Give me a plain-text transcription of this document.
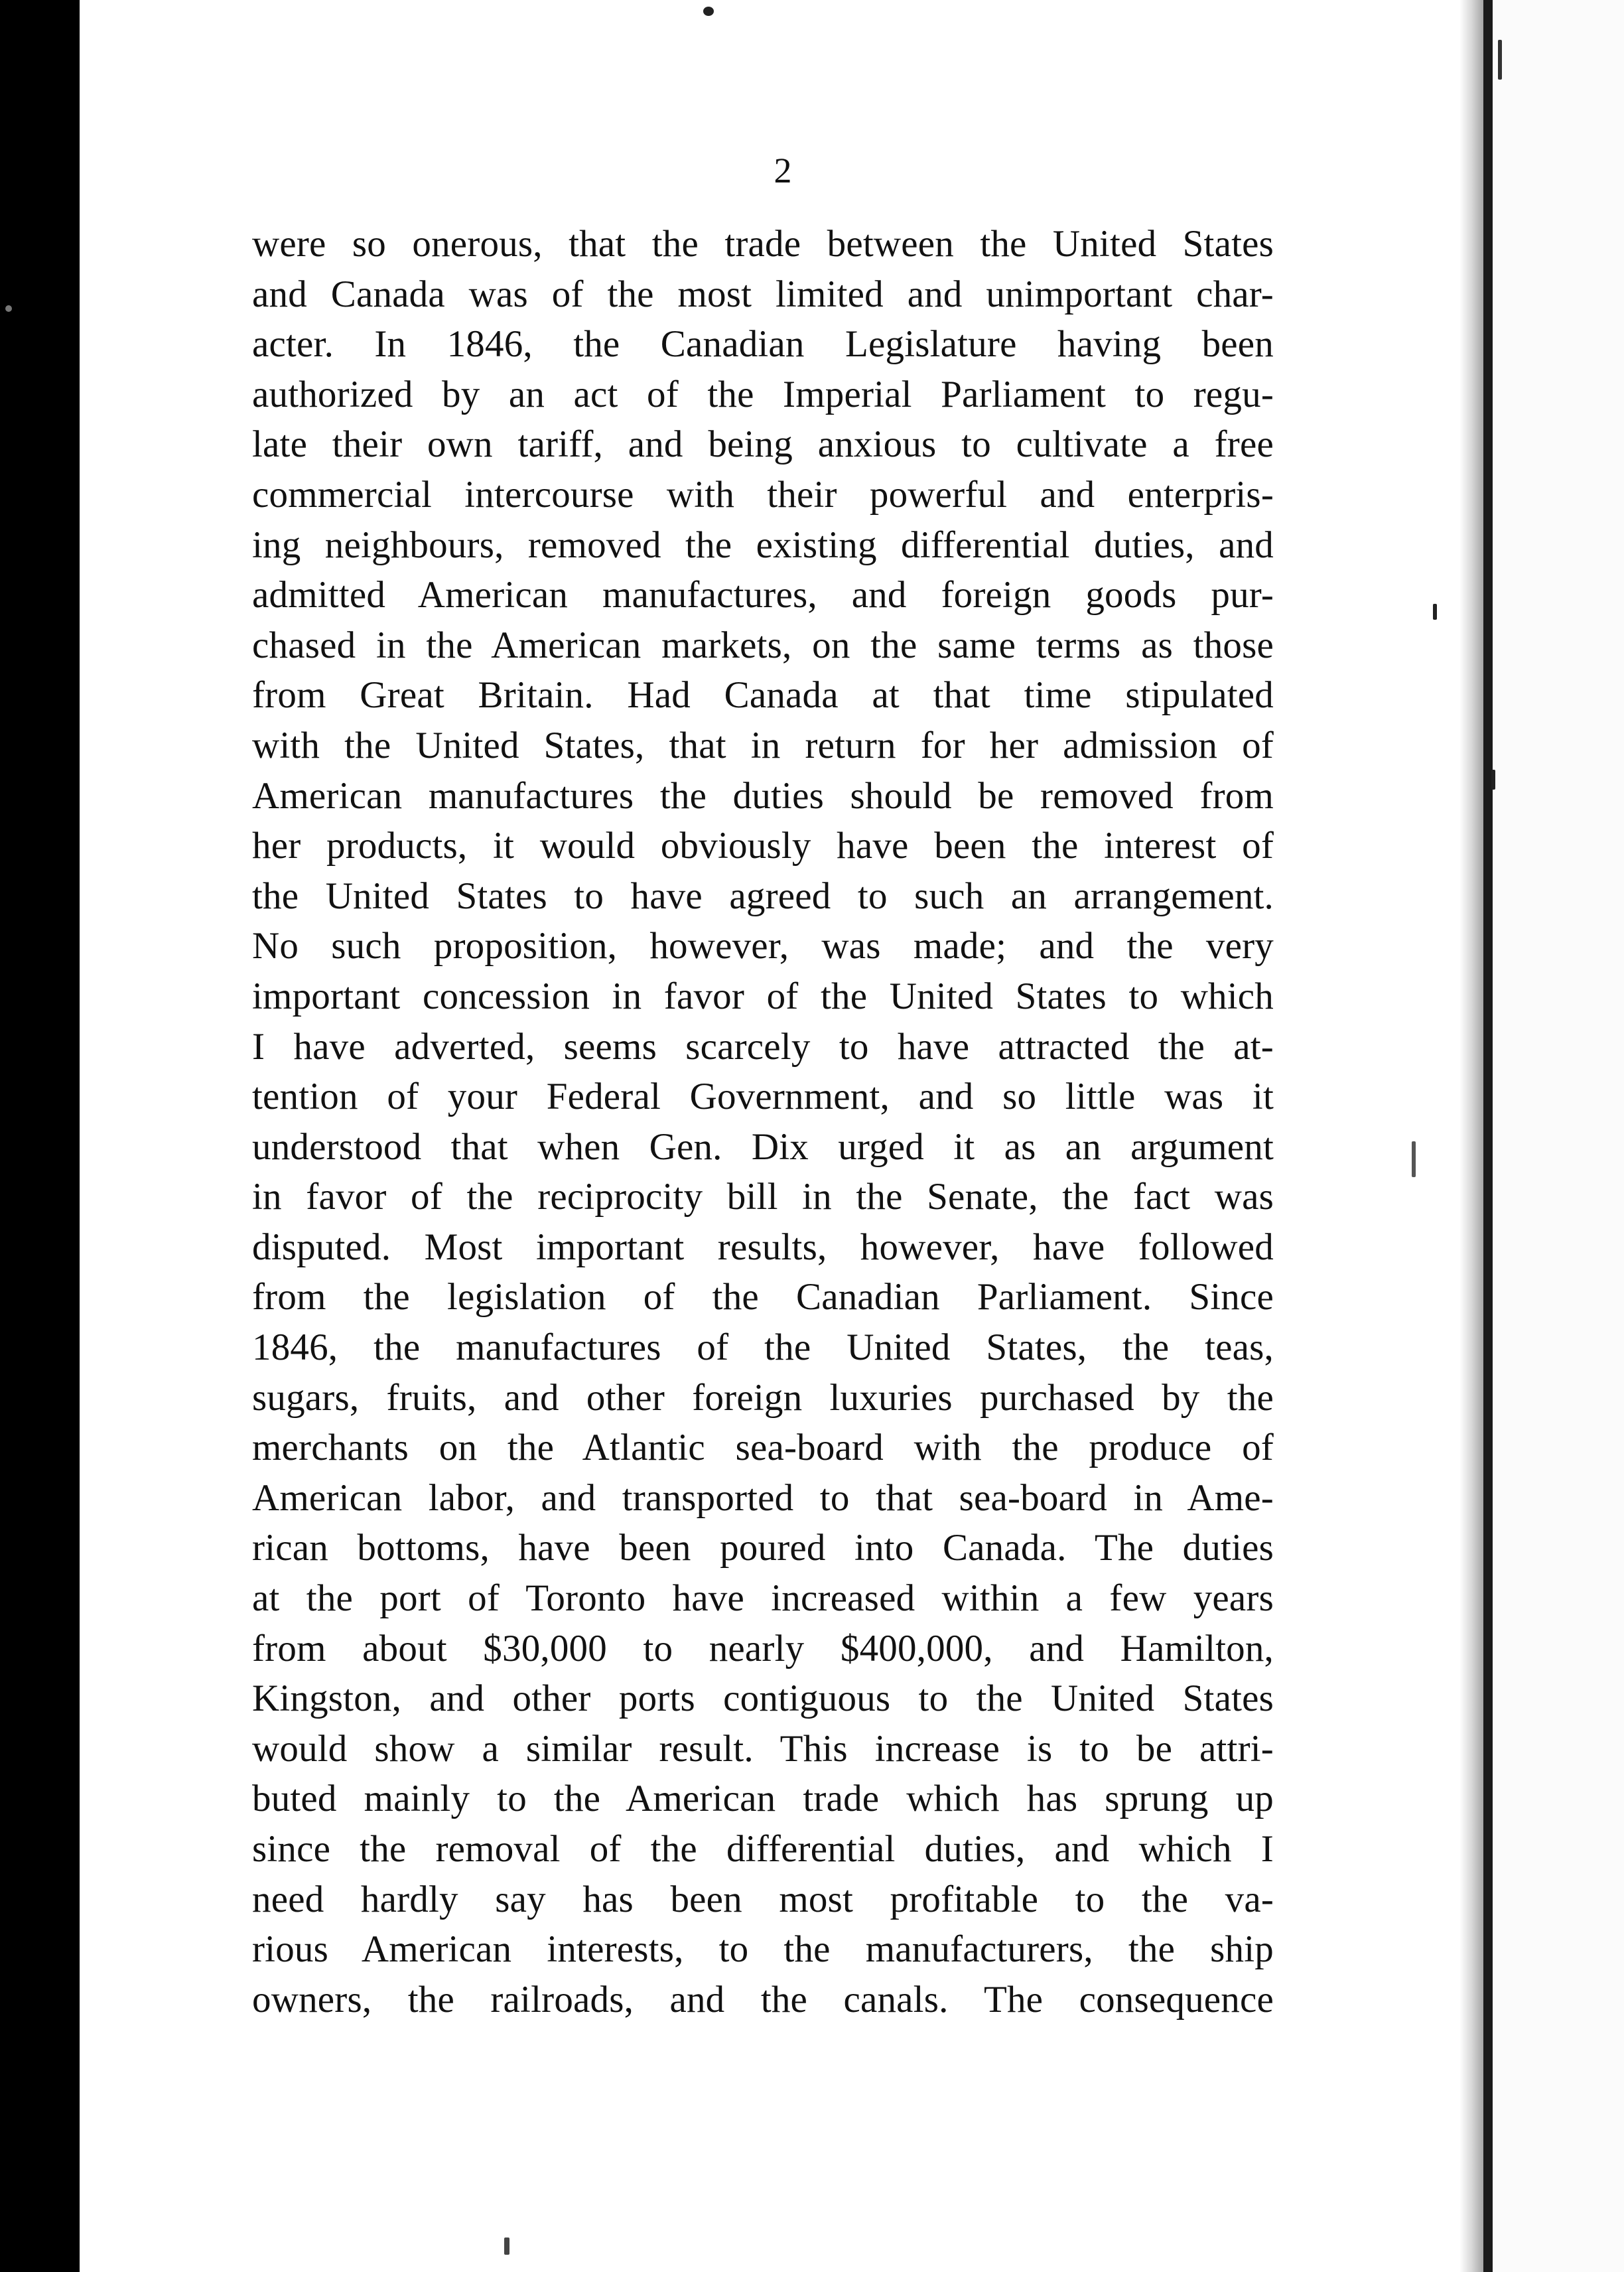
2
were so onerous, that the trade between the United States
and Canada was of the most limited and unimportant char-
acter. In 1846, the Canadian Legislature having been
authorized by an act of the Imperial Parliament to regu-
late their own tariff, and being anxious to cultivate a free
commercial intercourse with their powerful and enterpris-
ing neighbours, removed the existing differential duties, and
admitted American manufactures, and foreign goods pur-
chased in the American markets, on the same terms as those
from Great Britain. Had Canada at that time stipulated
with the United States, that in return for her admission of
American manufactures the duties should be removed from
her products, it would obviously have been the interest of
the United States to have agreed to such an arrangement.
No such proposition, however, was made; and the very
important concession in favor of the United States to which
I have adverted, seems scarcely to have attracted the at-
tention of your Federal Government, and so little was it
understood that when Gen. Dix urged it as an argument
in favor of the reciprocity bill in the Senate, the fact was
disputed. Most important results, however, have followed
from the legislation of the Canadian Parliament. Since
1846, the manufactures of the United States, the teas,
sugars, fruits, and other foreign luxuries purchased by the
merchants on the Atlantic sea-board with the produce of
American labor, and transported to that sea-board in Ame-
rican bottoms, have been poured into Canada. The duties
at the port of Toronto have increased within a few years
from about $30,000 to nearly $400,000, and Hamilton,
Kingston, and other ports contiguous to the United States
would show a similar result. This increase is to be attri-
buted mainly to the American trade which has sprung up
since the removal of the differential duties, and which I
need hardly say has been most profitable to the va-
rious American interests, to the manufacturers, the ship
owners, the railroads, and the canals. The consequence
